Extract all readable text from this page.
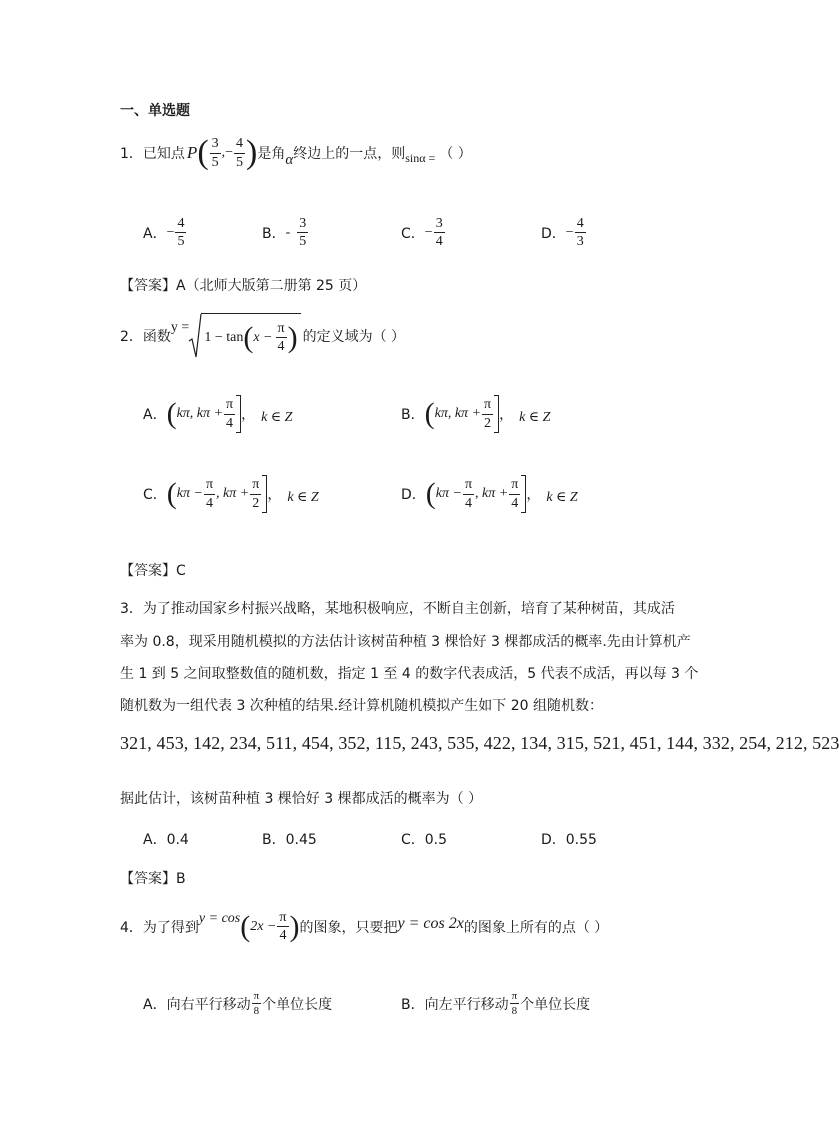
一、单选题
1．已知点 P ( $\frac{3}{5}$ , − $\frac{4}{5}$ ) 是角 α 终边上的一点，则 sinα = （ ）
A． − $\frac{4}{5}$	B． - $\frac{3}{5}$	C． − $\frac{3}{4}$	D． − $\frac{4}{3}$
【答案】A（北师大版第二册第 25 页）
2．函数
y =
1 − tan ( $x - \frac{\pi}{4}$ ) 的定义域为（ ）
A． ( kπ, $k\pi + \frac{\pi}{4}$ ， k ∈ Z	B． ( kπ, $k\pi + \frac{\pi}{2}$ ， k ∈ Z
C． ( $k\pi - \frac{\pi}{4}$ , $k\pi + \frac{\pi}{2}$ ， k ∈ Z	D． ( $k\pi - \frac{\pi}{4}$ , $k\pi + \frac{\pi}{4}$ ， k ∈ Z
【答案】C
3．为了推动国家乡村振兴战略，某地积极响应，不断自主创新，培育了某种树苗，其成活
率为 0.8，现采用随机模拟的方法估计该树苗种植 3 棵恰好 3 棵都成活的概率.先由计算机产
生 1 到 5 之间取整数值的随机数，指定 1 至 4 的数字代表成活，5 代表不成活，再以每 3 个
随机数为一组代表 3 次种植的结果.经计算机随机模拟产生如下 20 组随机数：
321, 453, 142, 234, 511, 454, 352, 115, 243, 535, 422, 134, 315, 521, 451, 144, 332, 254, 212, 523
据此估计，该树苗种植 3 棵恰好 3 棵都成活的概率为（ ）
A．0.4	B．0.45	C．0.5	D．0.55
【答案】B
4．为了得到
y = cos ( $2x - \frac{\pi}{4}$ ) 的图象，只要把 y = cos 2x 的图象上所有的点（ ）
A．向右平行移动 $\frac{\pi}{8}$ 个单位长度	B．向左平行移动 $\frac{\pi}{8}$ 个单位长度
